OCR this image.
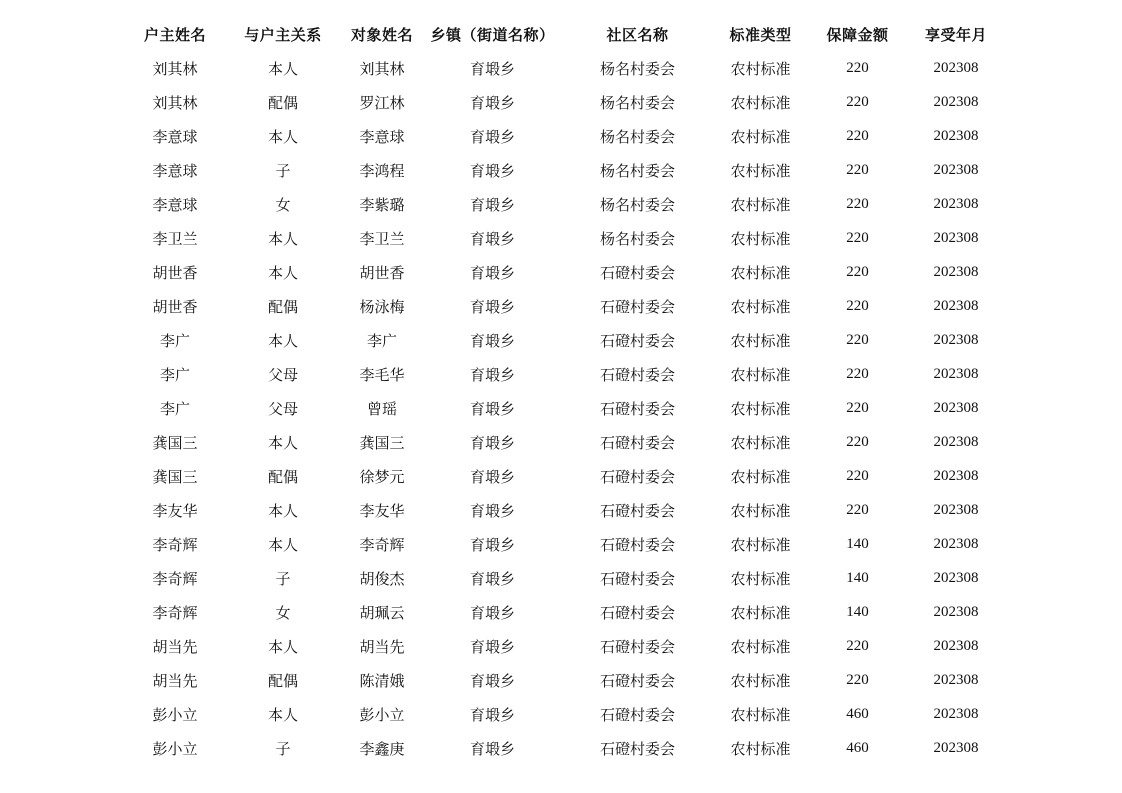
户主姓名	与户主关系	对象姓名	乡镇（街道名称）	社区名称	标准类型	保障金额	享受年月
刘其林	本人	刘其林	育塅乡	杨名村委会	农村标准	220	202308
刘其林	配偶	罗江林	育塅乡	杨名村委会	农村标准	220	202308
李意球	本人	李意球	育塅乡	杨名村委会	农村标准	220	202308
李意球	子	李鸿程	育塅乡	杨名村委会	农村标准	220	202308
李意球	女	李紫璐	育塅乡	杨名村委会	农村标准	220	202308
李卫兰	本人	李卫兰	育塅乡	杨名村委会	农村标准	220	202308
胡世香	本人	胡世香	育塅乡	石磴村委会	农村标准	220	202308
胡世香	配偶	杨泳梅	育塅乡	石磴村委会	农村标准	220	202308
李广	本人	李广	育塅乡	石磴村委会	农村标准	220	202308
李广	父母	李毛华	育塅乡	石磴村委会	农村标准	220	202308
李广	父母	曾瑶	育塅乡	石磴村委会	农村标准	220	202308
龚国三	本人	龚国三	育塅乡	石磴村委会	农村标准	220	202308
龚国三	配偶	徐梦元	育塅乡	石磴村委会	农村标准	220	202308
李友华	本人	李友华	育塅乡	石磴村委会	农村标准	220	202308
李奇辉	本人	李奇辉	育塅乡	石磴村委会	农村标准	140	202308
李奇辉	子	胡俊杰	育塅乡	石磴村委会	农村标准	140	202308
李奇辉	女	胡珮云	育塅乡	石磴村委会	农村标准	140	202308
胡当先	本人	胡当先	育塅乡	石磴村委会	农村标准	220	202308
胡当先	配偶	陈清娥	育塅乡	石磴村委会	农村标准	220	202308
彭小立	本人	彭小立	育塅乡	石磴村委会	农村标准	460	202308
彭小立	子	李鑫庚	育塅乡	石磴村委会	农村标准	460	202308
